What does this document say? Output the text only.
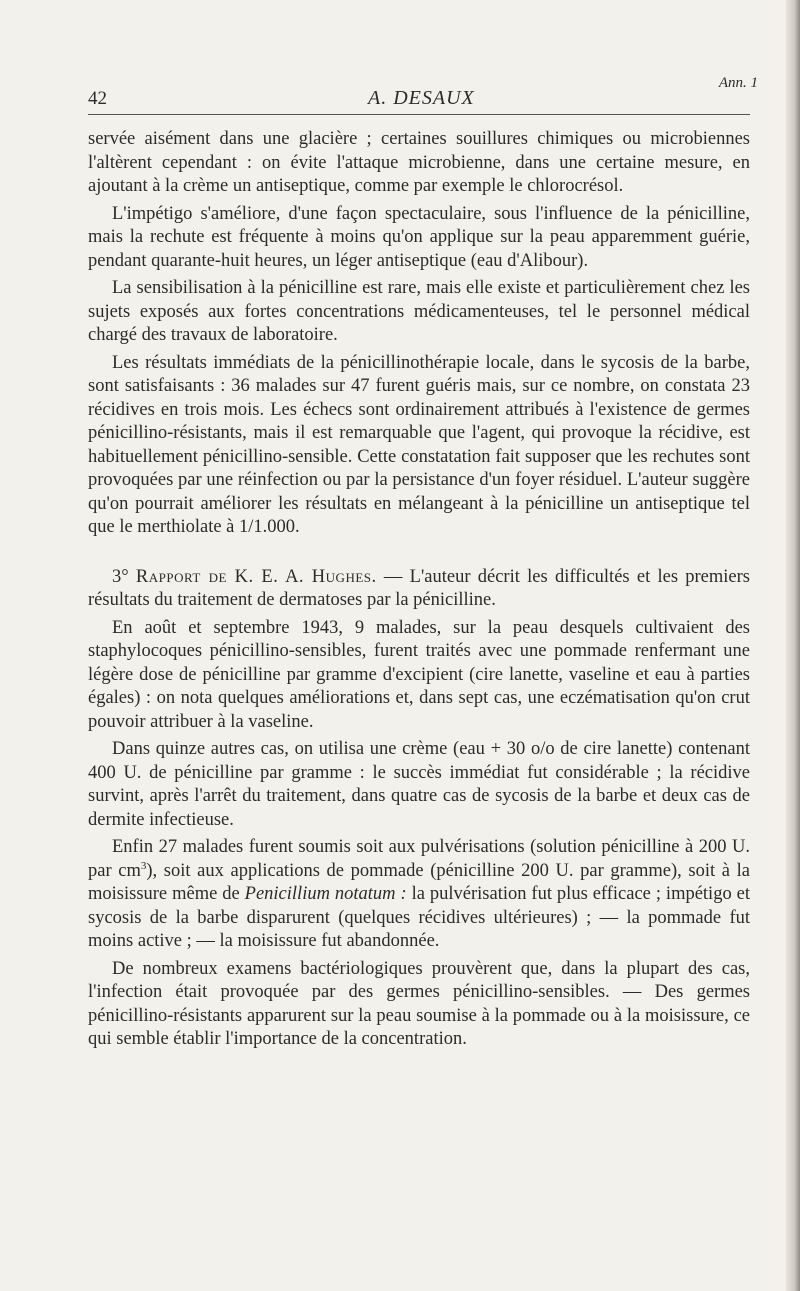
42	A. DESAUX
Ann. 1

servée aisément dans une glacière ; certaines souillures chimiques ou microbiennes l'altèrent cependant : on évite l'attaque microbienne, dans une certaine mesure, en ajoutant à la crème un antiseptique, comme par exemple le chlorocrésol.

L'impétigo s'améliore, d'une façon spectaculaire, sous l'influence de la pénicilline, mais la rechute est fréquente à moins qu'on applique sur la peau apparemment guérie, pendant quarante-huit heures, un léger antiseptique (eau d'Alibour).

La sensibilisation à la pénicilline est rare, mais elle existe et particulièrement chez les sujets exposés aux fortes concentrations médicamenteuses, tel le personnel médical chargé des travaux de laboratoire.

Les résultats immédiats de la pénicillinothérapie locale, dans le sycosis de la barbe, sont satisfaisants : 36 malades sur 47 furent guéris mais, sur ce nombre, on constata 23 récidives en trois mois. Les échecs sont ordinairement attribués à l'existence de germes pénicillino-résistants, mais il est remarquable que l'agent, qui provoque la récidive, est habituellement pénicillino-sensible. Cette constatation fait supposer que les rechutes sont provoquées par une réinfection ou par la persistance d'un foyer résiduel. L'auteur suggère qu'on pourrait améliorer les résultats en mélangeant à la pénicilline un antiseptique tel que le merthiolate à 1/1.000.

3° Rapport de K. E. A. Hughes. — L'auteur décrit les difficultés et les premiers résultats du traitement de dermatoses par la pénicilline.

En août et septembre 1943, 9 malades, sur la peau desquels cultivaient des staphylocoques pénicillino-sensibles, furent traités avec une pommade renfermant une légère dose de pénicilline par gramme d'excipient (cire lanette, vaseline et eau à parties égales) : on nota quelques améliorations et, dans sept cas, une eczématisation qu'on crut pouvoir attribuer à la vaseline.

Dans quinze autres cas, on utilisa une crème (eau + 30 o/o de cire lanette) contenant 400 U. de pénicilline par gramme : le succès immédiat fut considérable ; la récidive survint, après l'arrêt du traitement, dans quatre cas de sycosis de la barbe et deux cas de dermite infectieuse.

Enfin 27 malades furent soumis soit aux pulvérisations (solution pénicilline à 200 U. par $cm^3$), soit aux applications de pommade (pénicilline 200 U. par gramme), soit à la moisissure même de Penicillium notatum : la pulvérisation fut plus efficace ; impétigo et sycosis de la barbe disparurent (quelques récidives ultérieures) ; — la pommade fut moins active ; — la moisissure fut abandonnée.

De nombreux examens bactériologiques prouvèrent que, dans la plupart des cas, l'infection était provoquée par des germes pénicillino-sensibles. — Des germes pénicillino-résistants apparurent sur la peau soumise à la pommade ou à la moisissure, ce qui semble établir l'importance de la concentration.
